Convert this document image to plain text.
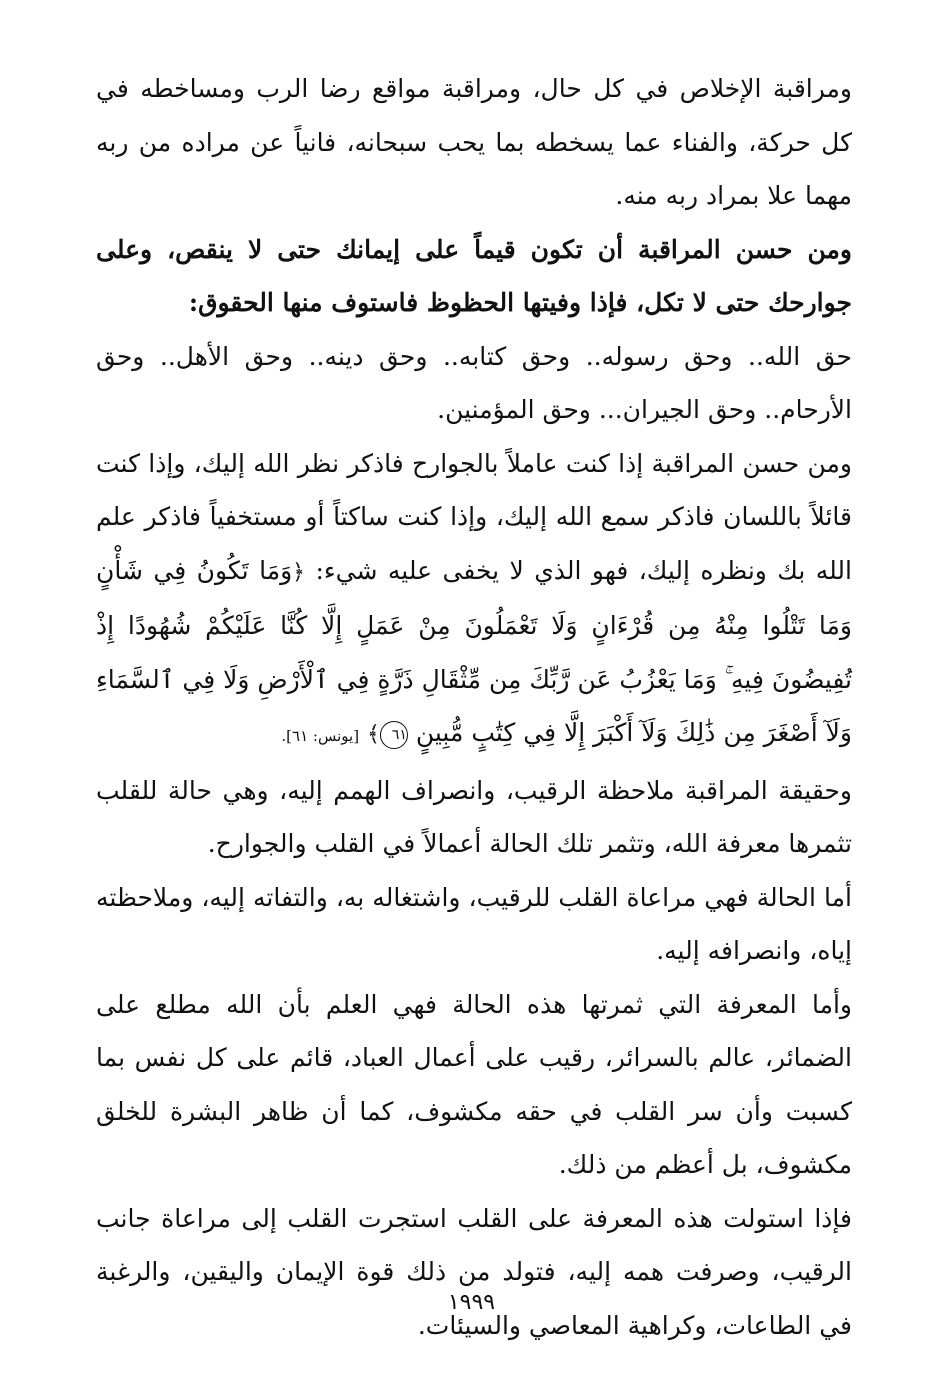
ومراقبة الإخلاص في كل حال، ومراقبة مواقع رضا الرب ومساخطه في كل حركة، والفناء عما يسخطه بما يحب سبحانه، فانياً عن مراده من ربه مهما علا بمراد ربه منه.

ومن حسن المراقبة أن تكون قيماً على إيمانك حتى لا ينقص، وعلى جوارحك حتى لا تكل، فإذا وفيتها الحظوظ فاستوف منها الحقوق:

حق الله.. وحق رسوله.. وحق كتابه.. وحق دينه.. وحق الأهل.. وحق الأرحام.. وحق الجيران... وحق المؤمنين.

ومن حسن المراقبة إذا كنت عاملاً بالجوارح فاذكر نظر الله إليك، وإذا كنت قائلاً باللسان فاذكر سمع الله إليك، وإذا كنت ساكتاً أو مستخفياً فاذكر علم الله بك ونظره إليك، فهو الذي لا يخفى عليه شيء: ﴿وَمَا تَكُونُ فِي شَأْنٍ وَمَا تَتْلُوا مِنْهُ مِن قُرْءَانٍ وَلَا تَعْمَلُونَ مِنْ عَمَلٍ إِلَّا كُنَّا عَلَيْكُمْ شُهُودًا إِذْ تُفِيضُونَ فِيهِ ۚ وَمَا يَعْزُبُ عَن رَّبِّكَ مِن مِّثْقَالِ ذَرَّةٍ فِي ٱلْأَرْضِ وَلَا فِي ٱلسَّمَاءِ وَلَآ أَصْغَرَ مِن ذَٰلِكَ وَلَآ أَكْبَرَ إِلَّا فِي كِتَٰبٍ مُّبِينٍ ٦١﴾ [يونس: ٦١].

وحقيقة المراقبة ملاحظة الرقيب، وانصراف الهمم إليه، وهي حالة للقلب تثمرها معرفة الله، وتثمر تلك الحالة أعمالاً في القلب والجوارح.

أما الحالة فهي مراعاة القلب للرقيب، واشتغاله به، والتفاته إليه، وملاحظته إياه، وانصرافه إليه.

وأما المعرفة التي ثمرتها هذه الحالة فهي العلم بأن الله مطلع على الضمائر، عالم بالسرائر، رقيب على أعمال العباد، قائم على كل نفس بما كسبت وأن سر القلب في حقه مكشوف، كما أن ظاهر البشرة للخلق مكشوف، بل أعظم من ذلك.

فإذا استولت هذه المعرفة على القلب استجرت القلب إلى مراعاة جانب الرقيب، وصرفت همه إليه، فتولد من ذلك قوة الإيمان واليقين، والرغبة في الطاعات، وكراهية المعاصي والسيئات.

١٩٩٩
